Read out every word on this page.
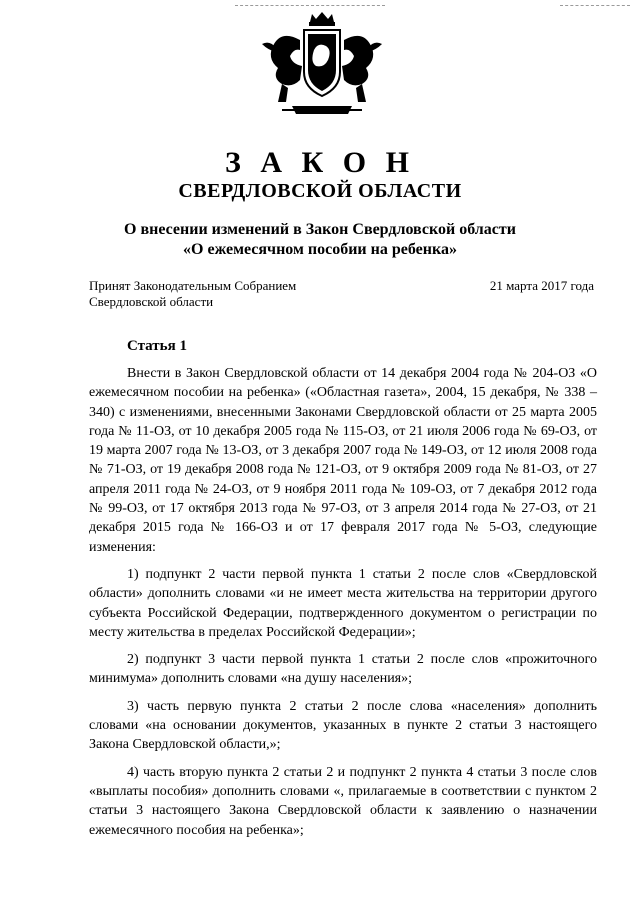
З А К О Н
СВЕРДЛОВСКОЙ ОБЛАСТИ
О внесении изменений в Закон Свердловской области
«О ежемесячном пособии на ребенка»
Принят Законодательным Собранием
Свердловской области
21 марта 2017 года
Статья 1

Внести в Закон Свердловской области от 14 декабря 2004 года № 204-ОЗ «О ежемесячном пособии на ребенка» («Областная газета», 2004, 15 декабря, № 338 – 340) с изменениями, внесенными Законами Свердловской области от 25 марта 2005 года № 11-ОЗ, от 10 декабря 2005 года № 115-ОЗ, от 21 июля 2006 года № 69-ОЗ, от 19 марта 2007 года № 13-ОЗ, от 3 декабря 2007 года № 149-ОЗ, от 12 июля 2008 года № 71-ОЗ, от 19 декабря 2008 года № 121-ОЗ, от 9 октября 2009 года № 81-ОЗ, от 27 апреля 2011 года № 24-ОЗ, от 9 ноября 2011 года № 109-ОЗ, от 7 декабря 2012 года № 99-ОЗ, от 17 октября 2013 года № 97-ОЗ, от 3 апреля 2014 года № 27-ОЗ, от 21 декабря 2015 года № 166-ОЗ и от 17 февраля 2017 года № 5-ОЗ, следующие изменения:

1) подпункт 2 части первой пункта 1 статьи 2 после слов «Свердловской области» дополнить словами «и не имеет места жительства на территории другого субъекта Российской Федерации, подтвержденного документом о регистрации по месту жительства в пределах Российской Федерации»;

2) подпункт 3 части первой пункта 1 статьи 2 после слов «прожиточного минимума» дополнить словами «на душу населения»;

3) часть первую пункта 2 статьи 2 после слова «населения» дополнить словами «на основании документов, указанных в пункте 2 статьи 3 настоящего Закона Свердловской области,»;

4) часть вторую пункта 2 статьи 2 и подпункт 2 пункта 4 статьи 3 после слов «выплаты пособия» дополнить словами «, прилагаемые в соответствии с пунктом 2 статьи 3 настоящего Закона Свердловской области к заявлению о назначении ежемесячного пособия на ребенка»;
